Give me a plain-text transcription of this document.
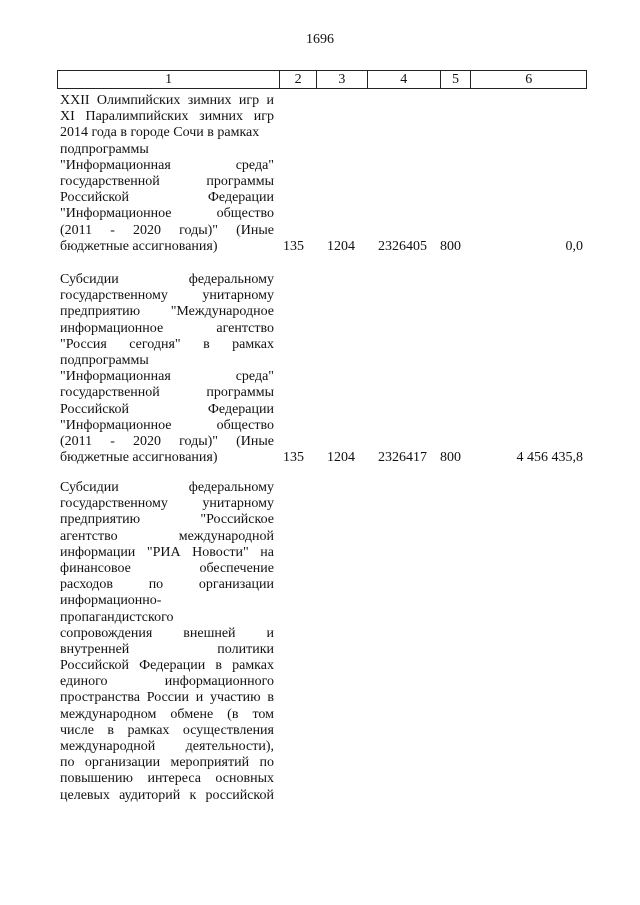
1696
1	2	3	4	5	6
XXII Олимпийских зимних игр и
XI Паралимпийских зимних игр
2014 года в городе Сочи в рамках
подпрограммы
"Информационная среда"
государственной программы
Российской Федерации
"Информационное общество
(2011 - 2020 годы)" (Иные
бюджетные ассигнования)	135	1204	2326405 800	0,0
Субсидии федеральному
государственному унитарному
предприятию "Международное
информационное агентство
"Россия сегодня" в рамках
подпрограммы
"Информационная среда"
государственной программы
Российской Федерации
"Информационное общество
(2011 - 2020 годы)" (Иные
бюджетные ассигнования)	135	1204	2326417 800	4 456 435,8
Субсидии федеральному
государственному унитарному
предприятию "Российское
агентство международной
информации "РИА Новости" на
финансовое обеспечение
расходов по организации
информационно-
пропагандистского
сопровождения внешней и
внутренней политики
Российской Федерации в рамках
единого информационного
пространства России и участию в
международном обмене (в том
числе в рамках осуществления
международной деятельности),
по организации мероприятий по
повышению интереса основных
целевых аудиторий к российской
